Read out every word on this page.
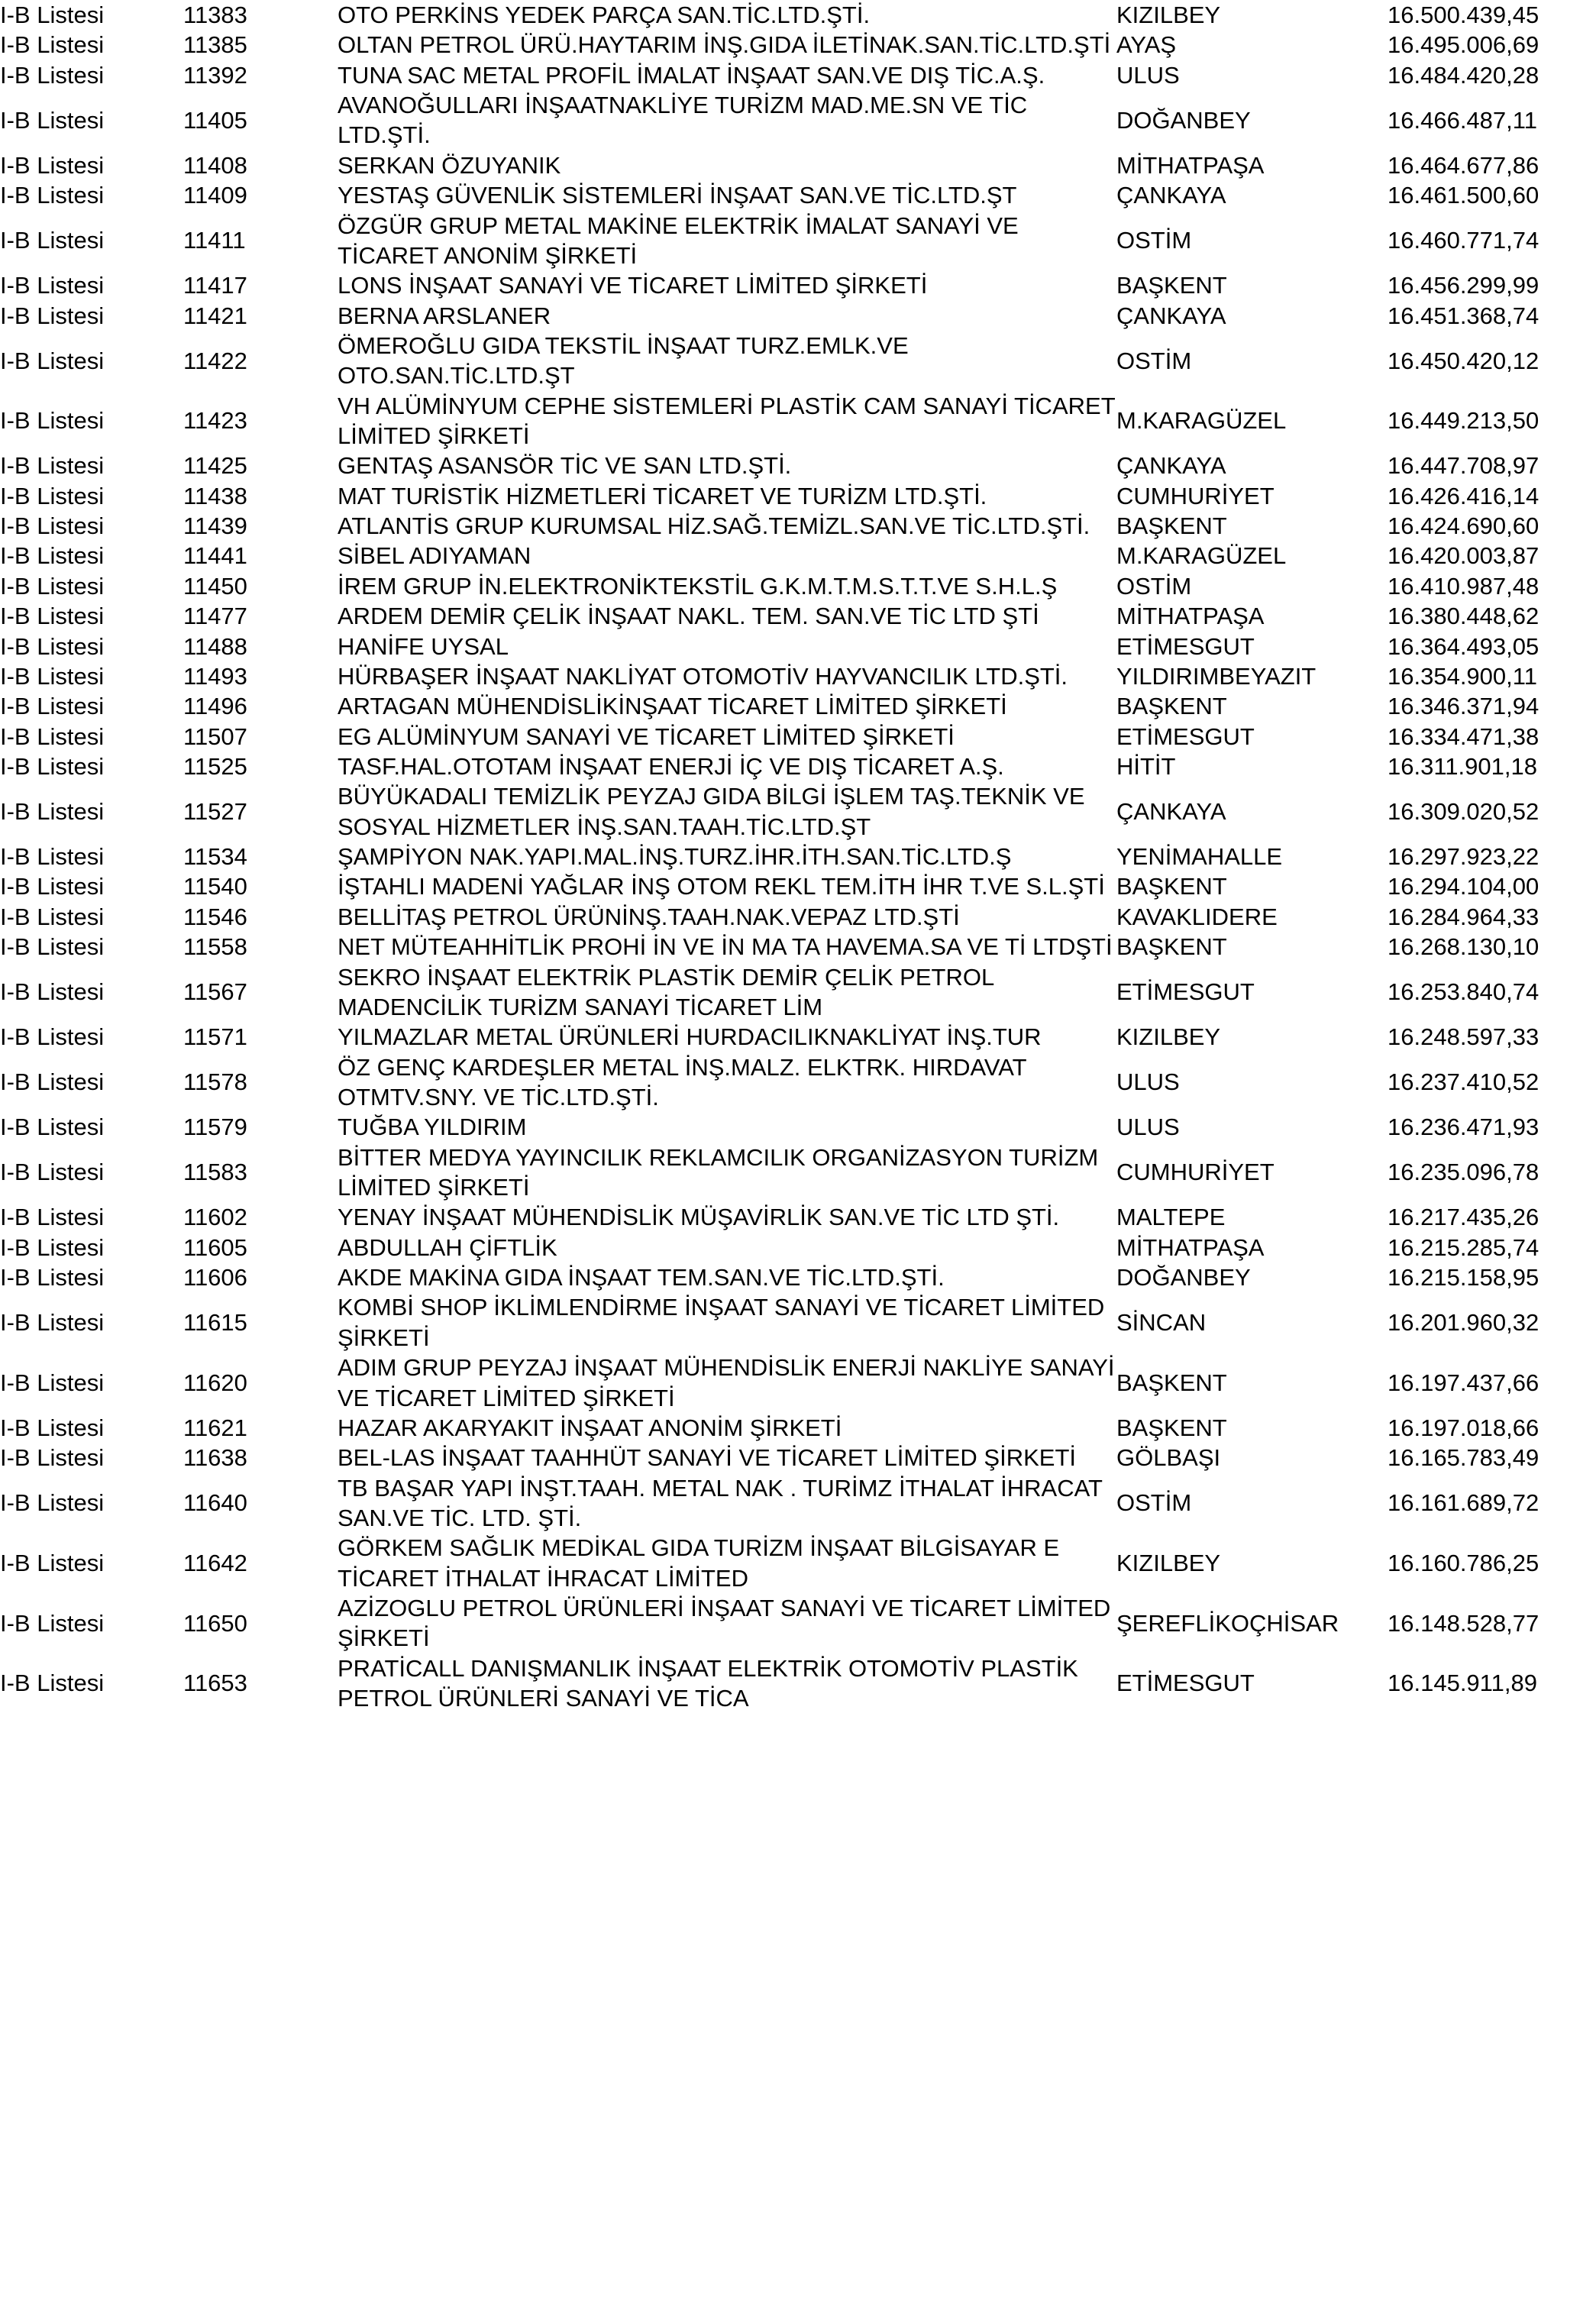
I-B Listesi	11383		OTO PERKİNS YEDEK PARÇA SAN.TİC.LTD.ŞTİ.	KIZILBEY	16.500.439,45
I-B Listesi	11385		OLTAN PETROL ÜRÜ.HAYTARIM İNŞ.GIDA İLETİNAK.SAN.TİC.LTD.ŞTİ	AYAŞ	16.495.006,69
I-B Listesi	11392		TUNA SAC METAL PROFİL İMALAT İNŞAAT SAN.VE DIŞ TİC.A.Ş.	ULUS	16.484.420,28
I-B Listesi	11405		AVANOĞULLARI İNŞAATNAKLİYE TURİZM MAD.ME.SN VE TİC LTD.ŞTİ.	DOĞANBEY	16.466.487,11
I-B Listesi	11408		SERKAN ÖZUYANIK	MİTHATPAŞA	16.464.677,86
I-B Listesi	11409		YESTAŞ GÜVENLİK SİSTEMLERİ İNŞAAT SAN.VE TİC.LTD.ŞT	ÇANKAYA	16.461.500,60
I-B Listesi	11411		ÖZGÜR GRUP METAL MAKİNE ELEKTRİK İMALAT SANAYİ VE TİCARET ANONİM ŞİRKETİ	OSTİM	16.460.771,74
I-B Listesi	11417		LONS İNŞAAT SANAYİ VE TİCARET LİMİTED ŞİRKETİ	BAŞKENT	16.456.299,99
I-B Listesi	11421		BERNA ARSLANER	ÇANKAYA	16.451.368,74
I-B Listesi	11422		ÖMEROĞLU GIDA TEKSTİL İNŞAAT TURZ.EMLK.VE OTO.SAN.TİC.LTD.ŞT	OSTİM	16.450.420,12
I-B Listesi	11423		VH ALÜMİNYUM CEPHE SİSTEMLERİ PLASTİK CAM SANAYİ TİCARET LİMİTED ŞİRKETİ	M.KARAGÜZEL	16.449.213,50
I-B Listesi	11425		GENTAŞ ASANSÖR TİC VE SAN LTD.ŞTİ.	ÇANKAYA	16.447.708,97
I-B Listesi	11438		MAT TURİSTİK HİZMETLERİ TİCARET VE TURİZM LTD.ŞTİ.	CUMHURİYET	16.426.416,14
I-B Listesi	11439		ATLANTİS GRUP KURUMSAL HİZ.SAĞ.TEMİZL.SAN.VE TİC.LTD.ŞTİ.	BAŞKENT	16.424.690,60
I-B Listesi	11441		SİBEL ADIYAMAN	M.KARAGÜZEL	16.420.003,87
I-B Listesi	11450		İREM GRUP İN.ELEKTRONİKTEKSTİL G.K.M.T.M.S.T.T.VE S.H.L.Ş	OSTİM	16.410.987,48
I-B Listesi	11477		ARDEM DEMİR ÇELİK İNŞAAT NAKL. TEM. SAN.VE TİC LTD ŞTİ	MİTHATPAŞA	16.380.448,62
I-B Listesi	11488		HANİFE UYSAL	ETİMESGUT	16.364.493,05
I-B Listesi	11493		HÜRBAŞER İNŞAAT NAKLİYAT OTOMOTİV HAYVANCILIK LTD.ŞTİ.	YILDIRIMBEYAZIT	16.354.900,11
I-B Listesi	11496		ARTAGAN MÜHENDİSLİKİNŞAAT TİCARET LİMİTED ŞİRKETİ	BAŞKENT	16.346.371,94
I-B Listesi	11507		EG ALÜMİNYUM SANAYİ VE TİCARET LİMİTED ŞİRKETİ	ETİMESGUT	16.334.471,38
I-B Listesi	11525		TASF.HAL.OTOTAM İNŞAAT ENERJİ İÇ VE DIŞ TİCARET A.Ş.	HİTİT	16.311.901,18
I-B Listesi	11527		BÜYÜKADALI TEMİZLİK PEYZAJ GIDA BİLGİ İŞLEM TAŞ.TEKNİK VE SOSYAL HİZMETLER İNŞ.SAN.TAAH.TİC.LTD.ŞT	ÇANKAYA	16.309.020,52
I-B Listesi	11534		ŞAMPİYON NAK.YAPI.MAL.İNŞ.TURZ.İHR.İTH.SAN.TİC.LTD.Ş	YENİMAHALLE	16.297.923,22
I-B Listesi	11540		İŞTAHLI MADENİ YAĞLAR İNŞ OTOM REKL TEM.İTH İHR T.VE S.L.ŞTİ	BAŞKENT	16.294.104,00
I-B Listesi	11546		BELLİTAŞ PETROL ÜRÜNİNŞ.TAAH.NAK.VEPAZ LTD.ŞTİ	KAVAKLIDERE	16.284.964,33
I-B Listesi	11558		NET MÜTEAHHİTLİK PROHİ İN VE İN MA TA HAVEMA.SA VE Tİ LTDŞTİ	BAŞKENT	16.268.130,10
I-B Listesi	11567		SEKRO İNŞAAT ELEKTRİK PLASTİK DEMİR ÇELİK PETROL MADENCİLİK TURİZM SANAYİ TİCARET LİM	ETİMESGUT	16.253.840,74
I-B Listesi	11571		YILMAZLAR METAL ÜRÜNLERİ HURDACILIKNAKLİYAT İNŞ.TUR	KIZILBEY	16.248.597,33
I-B Listesi	11578		ÖZ GENÇ KARDEŞLER METAL İNŞ.MALZ. ELKTRK. HIRDAVAT OTMTV.SNY. VE TİC.LTD.ŞTİ.	ULUS	16.237.410,52
I-B Listesi	11579		TUĞBA YILDIRIM	ULUS	16.236.471,93
I-B Listesi	11583		BİTTER MEDYA YAYINCILIK REKLAMCILIK ORGANİZASYON TURİZM LİMİTED ŞİRKETİ	CUMHURİYET	16.235.096,78
I-B Listesi	11602		YENAY İNŞAAT MÜHENDİSLİK MÜŞAVİRLİK SAN.VE TİC LTD ŞTİ.	MALTEPE	16.217.435,26
I-B Listesi	11605		ABDULLAH ÇİFTLİK	MİTHATPAŞA	16.215.285,74
I-B Listesi	11606		AKDE MAKİNA GIDA İNŞAAT TEM.SAN.VE TİC.LTD.ŞTİ.	DOĞANBEY	16.215.158,95
I-B Listesi	11615		KOMBİ SHOP İKLİMLENDİRME İNŞAAT SANAYİ VE TİCARET LİMİTED ŞİRKETİ	SİNCAN	16.201.960,32
I-B Listesi	11620		ADIM GRUP PEYZAJ İNŞAAT MÜHENDİSLİK ENERJİ NAKLİYE SANAYİ VE TİCARET LİMİTED ŞİRKETİ	BAŞKENT	16.197.437,66
I-B Listesi	11621		HAZAR AKARYAKIT İNŞAAT ANONİM ŞİRKETİ	BAŞKENT	16.197.018,66
I-B Listesi	11638		BEL-LAS İNŞAAT TAAHHÜT SANAYİ VE TİCARET LİMİTED ŞİRKETİ	GÖLBAŞI	16.165.783,49
I-B Listesi	11640		TB BAŞAR YAPI İNŞT.TAAH. METAL NAK . TURİMZ İTHALAT İHRACAT SAN.VE TİC. LTD. ŞTİ.	OSTİM	16.161.689,72
I-B Listesi	11642		GÖRKEM SAĞLIK MEDİKAL GIDA TURİZM İNŞAAT BİLGİSAYAR E TİCARET İTHALAT İHRACAT LİMİTED	KIZILBEY	16.160.786,25
I-B Listesi	11650		AZİZOGLU PETROL ÜRÜNLERİ İNŞAAT SANAYİ VE TİCARET LİMİTED ŞİRKETİ	ŞEREFLİKOÇHİSAR	16.148.528,77
I-B Listesi	11653		PRATİCALL DANIŞMANLIK İNŞAAT ELEKTRİK OTOMOTİV PLASTİK PETROL ÜRÜNLERİ SANAYİ VE TİCA	ETİMESGUT	16.145.911,89
